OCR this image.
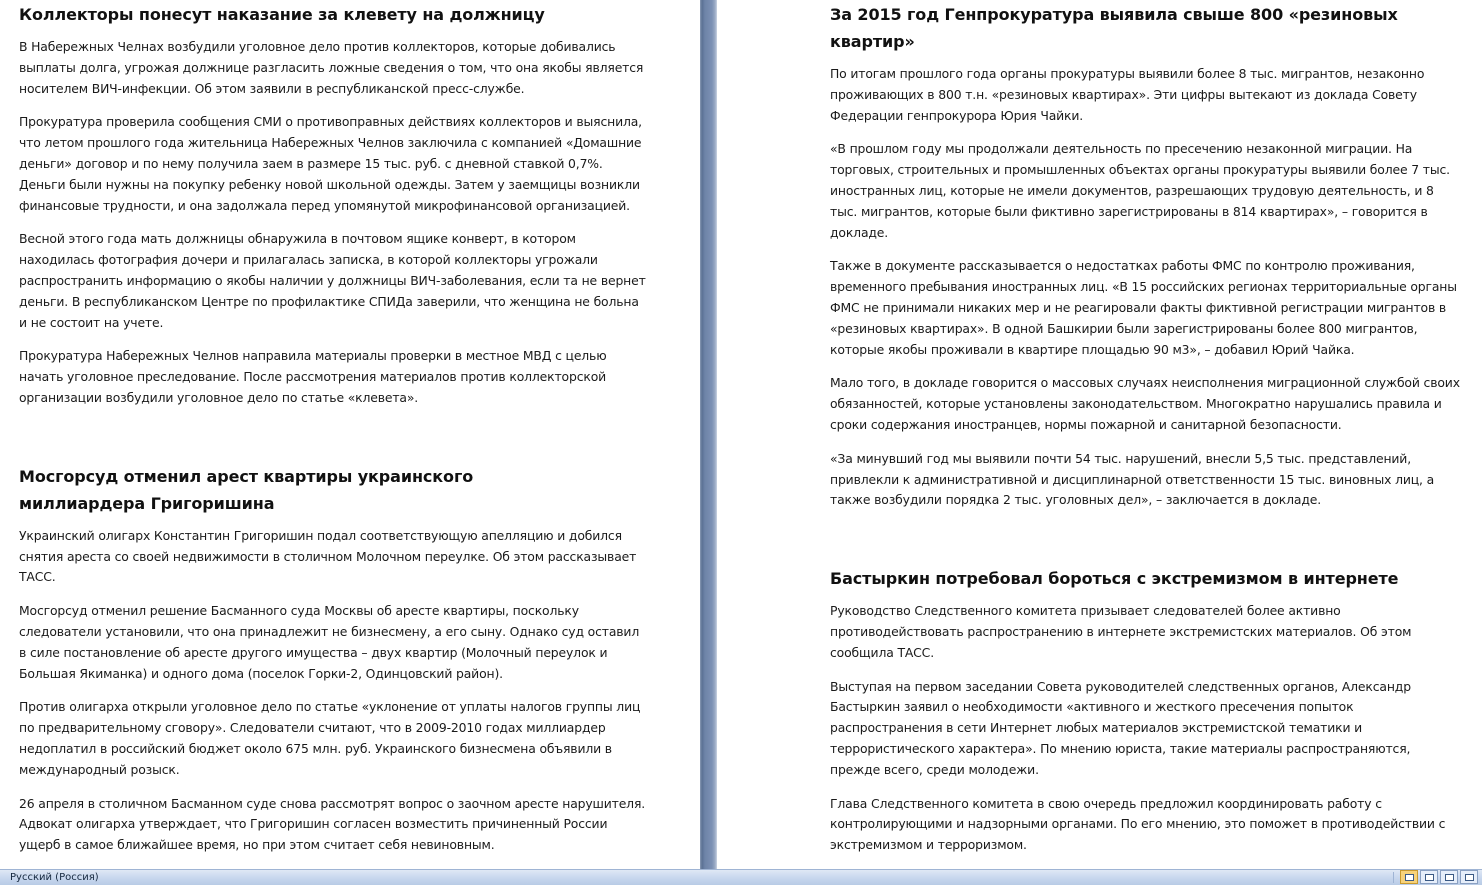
Коллекторы понесут наказание за клевету на должницу

В Набережных Челнах возбудили уголовное дело против коллекторов, которые добивались выплаты долга, угрожая должнице разгласить ложные сведения о том, что она якобы является носителем ВИЧ-инфекции. Об этом заявили в республиканской пресс-службе.

Прокуратура проверила сообщения СМИ о противоправных действиях коллекторов и выяснила, что летом прошлого года жительница Набережных Челнов заключила с компанией «Домашние деньги» договор и по нему получила заем в размере 15 тыс. руб. с дневной ставкой 0,7%. Деньги были нужны на покупку ребенку новой школьной одежды. Затем у заемщицы возникли финансовые трудности, и она задолжала перед упомянутой микрофинансовой организацией.

Весной этого года мать должницы обнаружила в почтовом ящике конверт, в котором находилась фотография дочери и прилагалась записка, в которой коллекторы угрожали распространить информацию о якобы наличии у должницы ВИЧ-заболевания, если та не вернет деньги. В республиканском Центре по профилактике СПИДа заверили, что женщина не больна и не состоит на учете.

Прокуратура Набережных Челнов направила материалы проверки в местное МВД с целью начать уголовное преследование. После рассмотрения материалов против коллекторской организации возбудили уголовное дело по статье «клевета».

Мосгорсуд отменил арест квартиры украинского миллиардера Григоришина

Украинский олигарх Константин Григоришин подал соответствующую апелляцию и добился снятия ареста со своей недвижимости в столичном Молочном переулке. Об этом рассказывает ТАСС.

Мосгорсуд отменил решение Басманного суда Москвы об аресте квартиры, поскольку следователи установили, что она принадлежит не бизнесмену, а его сыну. Однако суд оставил в силе постановление об аресте другого имущества – двух квартир (Молочный переулок и Большая Якиманка) и одного дома (поселок Горки-2, Одинцовский район).

Против олигарха открыли уголовное дело по статье «уклонение от уплаты налогов группы лиц по предварительному сговору». Следователи считают, что в 2009-2010 годах миллиардер недоплатил в российский бюджет около 675 млн. руб. Украинского бизнесмена объявили в международный розыск.

26 апреля в столичном Басманном суде снова рассмотрят вопрос о заочном аресте нарушителя. Адвокат олигарха утверждает, что Григоришин согласен возместить причиненный России ущерб в самое ближайшее время, но при этом считает себя невиновным.

За 2015 год Генпрокуратура выявила свыше 800 «резиновых квартир»

По итогам прошлого года органы прокуратуры выявили более 8 тыс. мигрантов, незаконно проживающих в 800 т.н. «резиновых квартирах». Эти цифры вытекают из доклада Совету Федерации генпрокурора Юрия Чайки.

«В прошлом году мы продолжали деятельность по пресечению незаконной миграции. На торговых, строительных и промышленных объектах органы прокуратуры выявили более 7 тыс. иностранных лиц, которые не имели документов, разрешающих трудовую деятельность, и 8 тыс. мигрантов, которые были фиктивно зарегистрированы в 814 квартирах», – говорится в докладе.

Также в документе рассказывается о недостатках работы ФМС по контролю проживания, временного пребывания иностранных лиц. «В 15 российских регионах территориальные органы ФМС не принимали никаких мер и не реагировали факты фиктивной регистрации мигрантов в «резиновых квартирах». В одной Башкирии были зарегистрированы более 800 мигрантов, которые якобы проживали в квартире площадью 90 м3», – добавил Юрий Чайка.

Мало того, в докладе говорится о массовых случаях неисполнения миграционной службой своих обязанностей, которые установлены законодательством. Многократно нарушались правила и сроки содержания иностранцев, нормы пожарной и санитарной безопасности.

«За минувший год мы выявили почти 54 тыс. нарушений, внесли 5,5 тыс. представлений, привлекли к административной и дисциплинарной ответственности 15 тыс. виновных лиц, а также возбудили порядка 2 тыс. уголовных дел», – заключается в докладе.

Бастыркин потребовал бороться с экстремизмом в интернете

Руководство Следственного комитета призывает следователей более активно противодействовать распространению в интернете экстремистских материалов. Об этом сообщила ТАСС.

Выступая на первом заседании Совета руководителей следственных органов, Александр Бастыркин заявил о необходимости «активного и жесткого пресечения попыток распространения в сети Интернет любых материалов экстремистской тематики и террористического характера». По мнению юриста, такие материалы распространяются, прежде всего, среди молодежи.

Глава Следственного комитета в свою очередь предложил координировать работу с контролирующими и надзорными органами. По его мнению, это поможет в противодействии с экстремизмом и терроризмом.

Русский (Россия)
